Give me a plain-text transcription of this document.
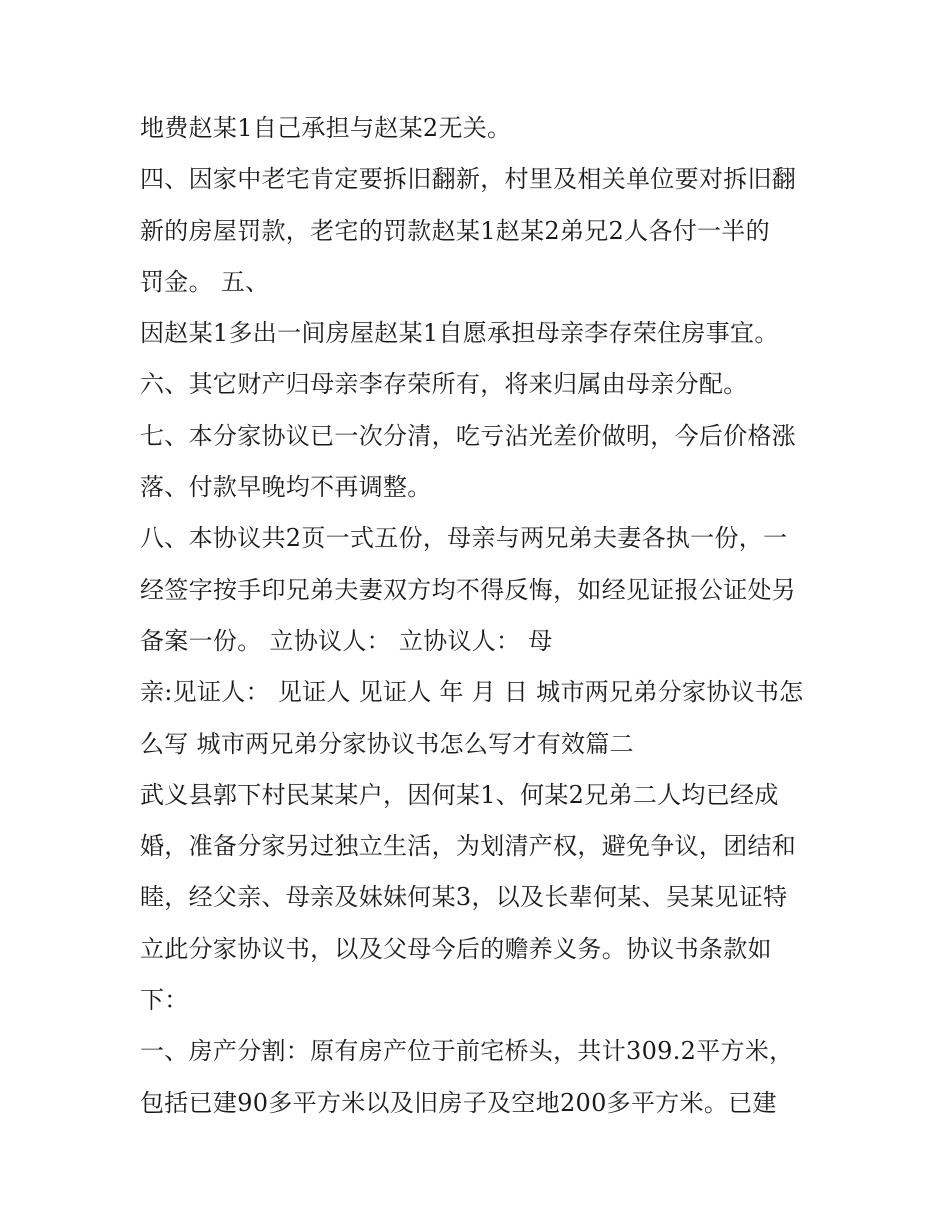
地费赵某1自己承担与赵某2无关。
四、因家中老宅肯定要拆旧翻新，村里及相关单位要对拆旧翻
新的房屋罚款，老宅的罚款赵某1赵某2弟兄2人各付一半的
罚金。 五、
因赵某1多出一间房屋赵某1自愿承担母亲李存荣住房事宜。
六、其它财产归母亲李存荣所有，将来归属由母亲分配。
七、本分家协议已一次分清，吃亏沾光差价做明，今后价格涨
落、付款早晚均不再调整。
八、本协议共2页一式五份，母亲与两兄弟夫妻各执一份，一
经签字按手印兄弟夫妻双方均不得反悔，如经见证报公证处另
备案一份。 立协议人： 立协议人： 母
亲:见证人： 见证人 见证人 年 月 日 城市两兄弟分家协议书怎
么写 城市两兄弟分家协议书怎么写才有效篇二
武义县郭下村民某某户，因何某1、何某2兄弟二人均已经成
婚，准备分家另过独立生活，为划清产权，避免争议，团结和
睦，经父亲、母亲及妹妹何某3，以及长辈何某、吴某见证特
立此分家协议书，以及父母今后的赡养义务。协议书条款如
下：
一、房产分割：原有房产位于前宅桥头，共计309.2平方米，
包括已建90多平方米以及旧房子及空地200多平方米。已建
